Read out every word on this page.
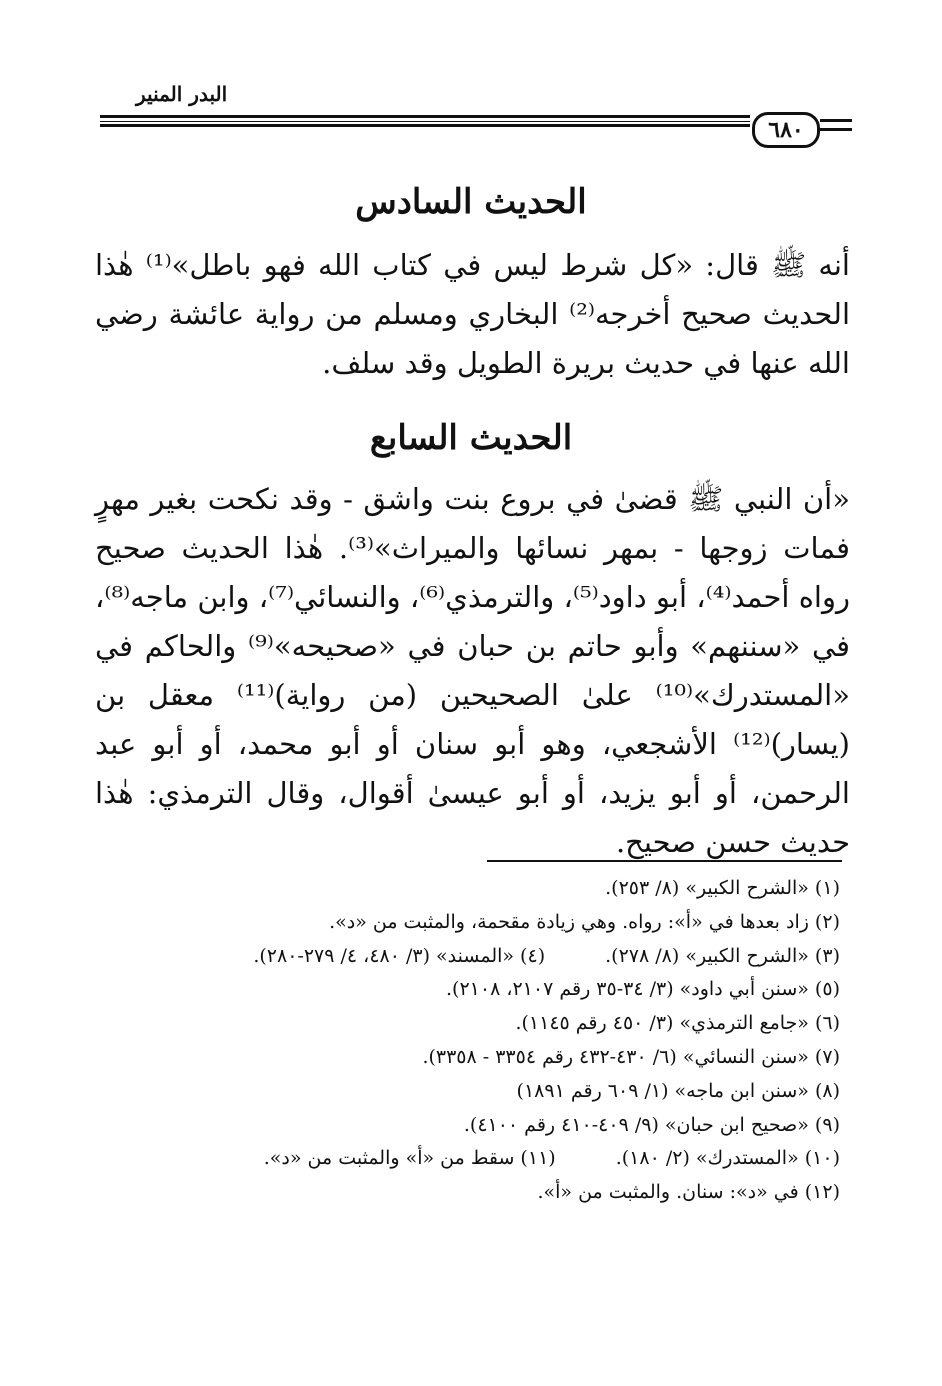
البدر المنير
٦٨٠
الحديث السادس
أنه ﷺ قال: «كل شرط ليس في كتاب الله فهو باطل»⁽¹⁾ هٰذا الحديث صحيح أخرجه⁽²⁾ البخاري ومسلم من رواية عائشة رضي الله عنها في حديث بريرة الطويل وقد سلف.
الحديث السابع
«أن النبي ﷺ قضىٰ في بروع بنت واشق - وقد نكحت بغير مهرٍ فمات زوجها - بمهر نسائها والميراث»⁽³⁾. هٰذا الحديث صحيح رواه أحمد⁽⁴⁾، أبو داود⁽⁵⁾، والترمذي⁽⁶⁾، والنسائي⁽⁷⁾، وابن ماجه⁽⁸⁾، في «سننهم» وأبو حاتم بن حبان في «صحيحه»⁽⁹⁾ والحاكم في «المستدرك»⁽¹⁰⁾ علىٰ الصحيحين (من رواية)⁽¹¹⁾ معقل بن (يسار)⁽¹²⁾ الأشجعي، وهو أبو سنان أو أبو محمد، أو أبو عبد الرحمن، أو أبو يزيد، أو أبو عيسىٰ أقوال، وقال الترمذي: هٰذا حديث حسن صحيح.
(١) «الشرح الكبير» (٨/ ٢٥٣).
(٢) زاد بعدها في «أ»: رواه. وهي زيادة مقحمة، والمثبت من «د».
(٣) «الشرح الكبير» (٨/ ٢٧٨).
(٤) «المسند» (٣/ ٤٨٠، ٤/ ٢٧٩-٢٨٠).
(٥) «سنن أبي داود» (٣/ ٣٤-٣٥ رقم ٢١٠٧، ٢١٠٨).
(٦) «جامع الترمذي» (٣/ ٤٥٠ رقم ١١٤٥).
(٧) «سنن النسائي» (٦/ ٤٣٠-٤٣٢ رقم ٣٣٥٤ - ٣٣٥٨).
(٨) «سنن ابن ماجه» (١/ ٦٠٩ رقم ١٨٩١)
(٩) «صحيح ابن حبان» (٩/ ٤٠٩-٤١٠ رقم ٤١٠٠).
(١٠) «المستدرك» (٢/ ١٨٠).
(١١) سقط من «أ» والمثبت من «د».
(١٢) في «د»: سنان. والمثبت من «أ».
